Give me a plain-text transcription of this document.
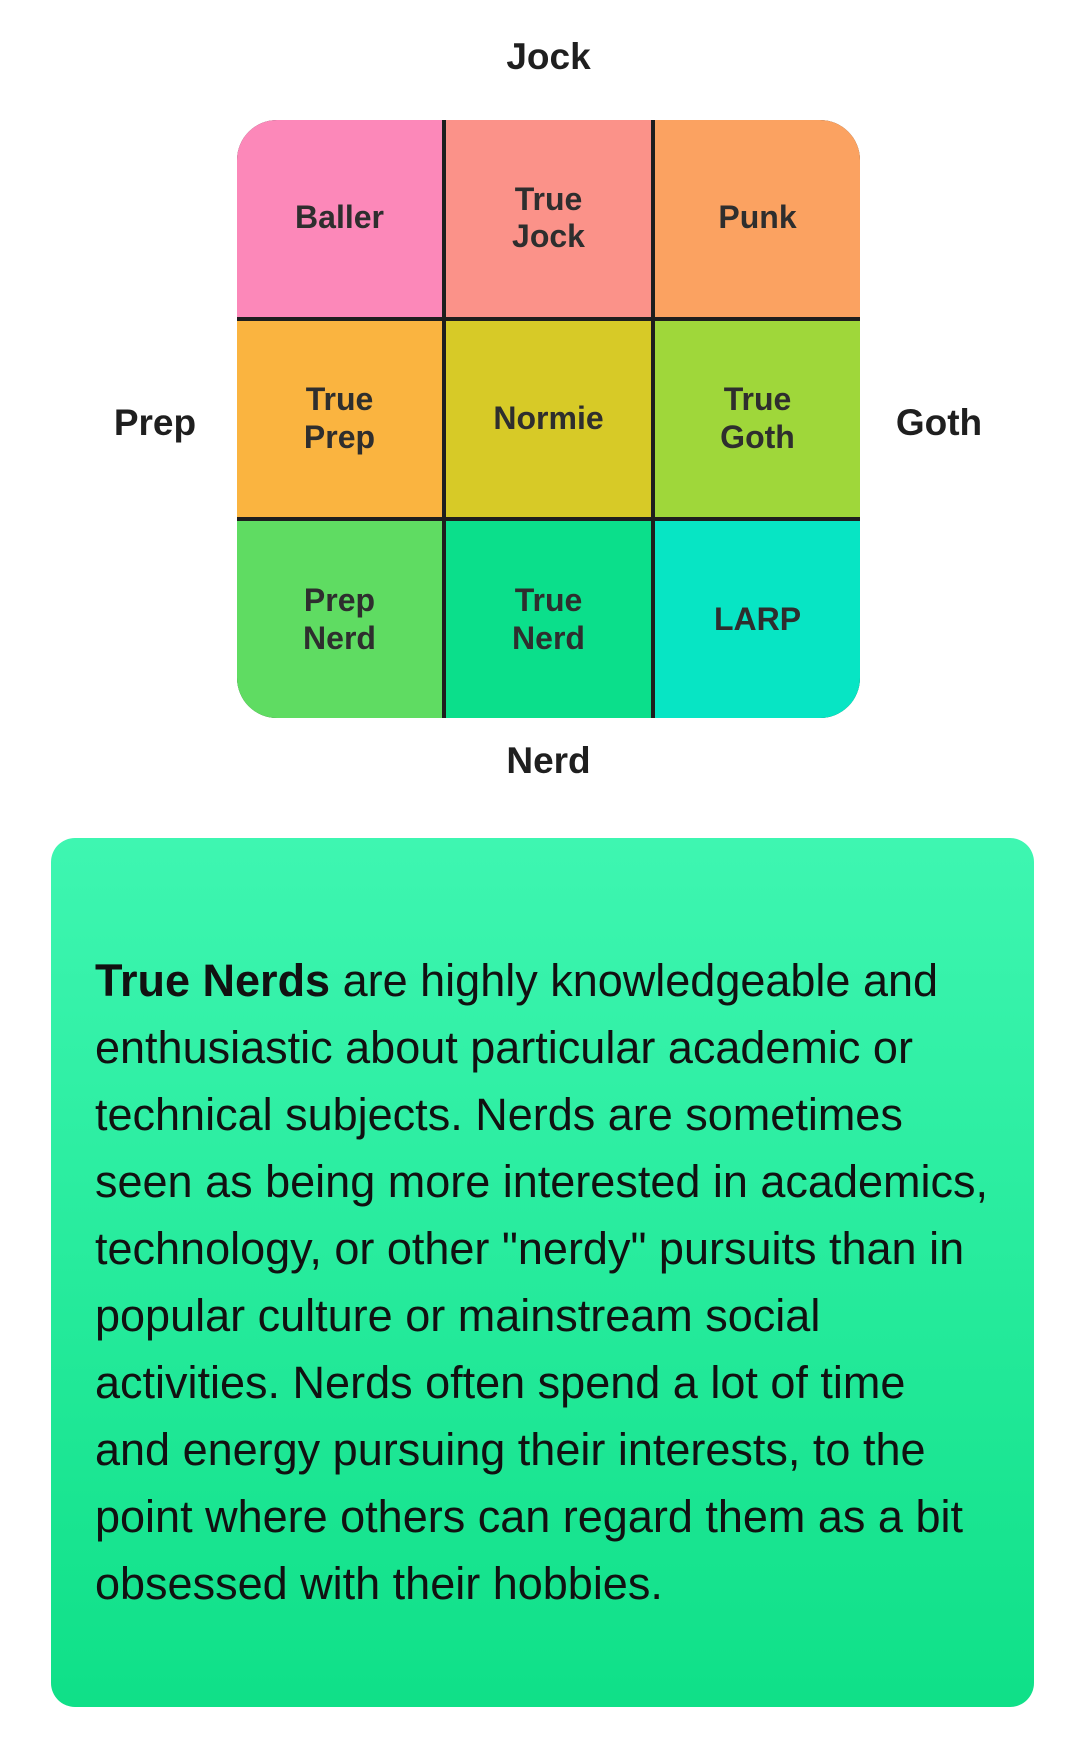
Jock
Prep	Goth
Nerd
Baller
True
Jock
Punk
True
Prep
Normie
True
Goth
Prep
Nerd
True
Nerd
LARP

True Nerds are highly knowledgeable and enthusiastic about particular academic or technical subjects. Nerds are sometimes seen as being more interested in academics, technology, or other "nerdy" pursuits than in popular culture or mainstream social activities. Nerds often spend a lot of time and energy pursuing their interests, to the point where others can regard them as a bit obsessed with their hobbies.
